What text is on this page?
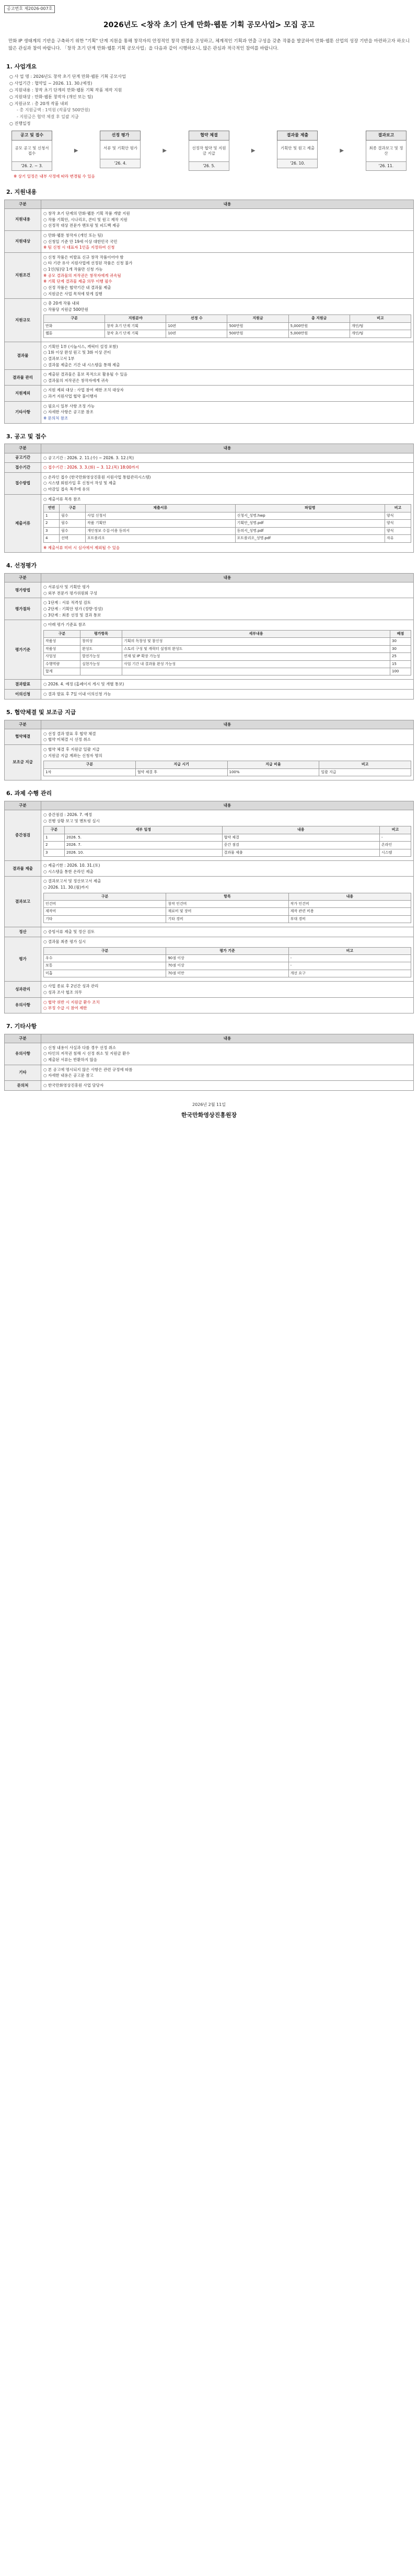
공고번호 제2026-007호
2026년도 <창작 초기 단계 만화·웹툰 기획 공모사업> 모집 공고
만화 IP 생태계의 기반을 구축하기 위한 "기획" 단계 지원을 통해 창작자의 안정적인 창작 환경을 조성하고, 체계적인 기획과 연출 구성을 갖춘 작품을 발굴하여 만화·웹툰 산업의 성장 기반을 마련하고자 하오니 많은 관심과 참여 바랍니다. 「창작 초기 단계 만화·웹툰 기획 공모사업」을 다음과 같이 시행하오니, 많은 관심과 적극적인 참여를 바랍니다.
1. 사업개요
○ 사 업 명 : 2026년도 창작 초기 단계 만화·웹툰 기획 공모사업
○ 사업기간 : 협약일 ~ 2026. 11. 30.(예정)
○ 지원내용 : 창작 초기 단계의 만화·웹툰 기획 작품 제작 지원
○ 지원대상 : 만화·웹툰 창작자 (개인 또는 팀)
○ 지원규모 : 총 20개 작품 내외
- 총 지원금액 : 1억원 (작품당 500만원)
- 지원금은 협약 체결 후 일괄 지급
○ 진행일정
공고 및 접수
공모 공고 및 신청서 접수
'26. 2. ~ 3.
▶
선정 평가
서류 및 기획안 평가
'26. 4.
▶
협약 체결
선정작 협약 및 지원금 지급
'26. 5.
▶
결과물 제출
기획안 및 원고 제출
'26. 10.
▶
결과보고
최종 결과보고 및 정산
'26. 11.
※ 상기 일정은 내부 사정에 따라 변경될 수 있음
2. 지원내용
구분	내용
지원내용	
○ 창작 초기 단계의 만화·웹툰 기획 작품 개발 지원
○ 작품 기획안, 시나리오, 콘티 및 원고 제작 지원
○ 선정작 대상 전문가 멘토링 및 피드백 제공

지원대상	
○ 만화·웹툰 창작자 (개인 또는 팀)
○ 신청일 기준 만 19세 이상 대한민국 국민
※ 팀 신청 시 대표자 1인을 지정하여 신청

지원조건	
○ 신청 작품은 미발표 신규 창작 작품이어야 함
○ 타 기관 유사 지원사업에 선정된 작품은 신청 불가
○ 1인(팀)당 1개 작품만 신청 가능
※ 공모 결과물의 저작권은 창작자에게 귀속됨
※ 기획 단계 결과물 제출 의무 이행 필수
○ 선정 작품은 협약기간 내 결과물 제출
○ 지원금은 사업 목적에 맞게 집행

지원규모	
○ 총 20개 작품 내외
○ 작품당 지원금 500만원
구분	지원분야	선정 수	지원금	총 지원금	비고
만화	창작 초기 단계 기획	10편	500만원	5,000만원	개인/팀
웹툰	창작 초기 단계 기획	10편	500만원	5,000만원	개인/팀

결과물	
○ 기획안 1부 (시놉시스, 캐릭터 설정 포함)
○ 1화 이상 완성 원고 및 3화 이상 콘티
○ 결과보고서 1부
○ 결과물 제출은 기간 내 시스템을 통해 제출

결과물 관리	
○ 제출된 결과물은 홍보 목적으로 활용될 수 있음
○ 결과물의 저작권은 창작자에게 귀속

지원제외	
○ 지원 제외 대상 : 사업 참여 제한 조치 대상자
○ 과거 지원사업 협약 불이행자

기타사항	
○ 필요시 일부 사항 조정 가능
○ 자세한 사항은 공고문 참조
※ 문의처 참조
3. 공고 및 접수
구분	내용
공고기간	○ 공고기간 : 2026. 2. 11.(수) ~ 2026. 3. 12.(목)

접수기간	○ 접수기간 : 2026. 3. 3.(화) ~ 3. 12.(목) 18:00까지

접수방법	
○ 온라인 접수 (한국만화영상진흥원 지원사업 통합관리시스템)
○ 시스템 회원가입 후 신청서 작성 및 제출
○ 마감일 접속 폭주에 유의

제출서류	
○ 제출서류 목록 참조
연번	구분	제출서류	파일명	비고
1	필수	사업 신청서	신청서_성명.hwp	양식
2	필수	작품 기획안	기획안_성명.pdf	양식
3	필수	개인정보 수집·이용 동의서	동의서_성명.pdf	양식
4	선택	포트폴리오	포트폴리오_성명.pdf	자유
※ 제출서류 미비 시 심사에서 제외될 수 있음
4. 선정평가
구분	내용
평가방법	
○ 서류심사 및 기획안 평가
○ 외부 전문가 평가위원회 구성

평가절차	
○ 1단계 : 서류 적격성 검토
○ 2단계 : 기획안 평가 (정량·정성)
○ 3단계 : 최종 선정 및 결과 통보

평가기준	
○ 아래 평가 기준표 참조
구분	평가항목	세부내용	배점
작품성	창의성	기획의 독창성 및 참신성	30
작품성	완성도	스토리 구성 및 캐릭터 설정의 완성도	30
사업성	발전가능성	연재 및 IP 확장 가능성	25
수행역량	실현가능성	사업 기간 내 결과물 완성 가능성	15
합계			100

결과발표	○ 2026. 4. 예정 (홈페이지 게시 및 개별 통보)

이의신청	○ 결과 발표 후 7일 이내 이의신청 가능
5. 협약체결 및 보조금 지급
구분	내용
협약체결	
○ 선정 결과 발표 후 협약 체결
○ 협약 미체결 시 선정 취소

보조금 지급	
○ 협약 체결 후 지원금 일괄 지급
○ 지원금 지급 계좌는 신청자 명의
구분	지급 시기	지급 비율	비고
1차	협약 체결 후	100%	일괄 지급
6. 과제 수행 관리
구분	내용
중간점검	
○ 중간점검 : 2026. 7. 예정
○ 진행 상황 보고 및 멘토링 실시
구분	세부 일정	내용	비고
1	2026. 5.	협약 체결	-
2	2026. 7.	중간 점검	온라인
3	2026. 10.	결과물 제출	시스템

결과물 제출	
○ 제출기한 : 2026. 10. 31.(토)
○ 시스템을 통한 온라인 제출

결과보고	
○ 결과보고서 및 정산보고서 제출
○ 2026. 11. 30.(월)까지
구분	항목	내용
인건비	창작 인건비	작가 인건비
제작비	재료비 및 장비	제작 관련 비용
기타	기타 경비	부대 경비

정산	○ 증빙서류 제출 및 정산 검토

평가	
○ 결과물 최종 평가 실시
구분	평가 기준	비고
우수	90점 이상	-
보통	70점 이상	-
미흡	70점 미만	개선 요구

성과관리	
○ 사업 종료 후 2년간 성과 관리
○ 성과 조사 협조 의무

유의사항	
○ 협약 위반 시 지원금 환수 조치
○ 부정 수급 시 참여 제한
7. 기타사항
구분	내용
유의사항	○ 신청 내용이 사실과 다를 경우 선정 취소
○ 타인의 저작권 침해 시 선정 취소 및 지원금 환수
○ 제출된 서류는 반환하지 않음

기타	○ 본 공고에 명시되지 않은 사항은 관련 규정에 따름
○ 자세한 내용은 공고문 참고

문의처	○ 한국만화영상진흥원 사업 담당자
2026년 2월 11일
한국만화영상진흥원장
